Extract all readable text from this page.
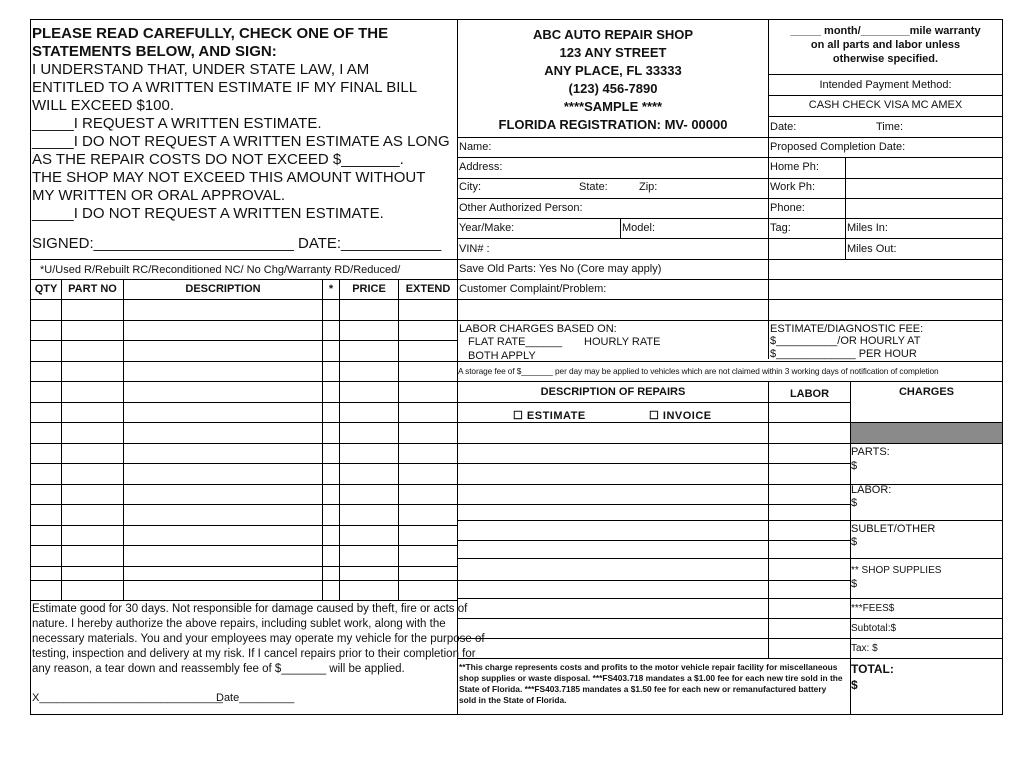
PLEASE READ CAREFULLY, CHECK ONE OF THE
STATEMENTS BELOW, AND SIGN:
I UNDERSTAND THAT, UNDER STATE LAW, I AM
ENTITLED TO A WRITTEN ESTIMATE IF MY FINAL BILL
WILL EXCEED $100.
_____I REQUEST A WRITTEN ESTIMATE.
_____I DO NOT REQUEST A WRITTEN ESTIMATE AS LONG
AS THE REPAIR COSTS DO NOT EXCEED $_______.
THE SHOP MAY NOT EXCEED THIS AMOUNT WITHOUT
MY WRITTEN OR ORAL APPROVAL.
_____I DO NOT REQUEST A WRITTEN ESTIMATE.
SIGNED:________________________ DATE:____________
*U/Used R/Rebuilt RC/Reconditioned NC/ No Chg/Warranty RD/Reduced/
QTY PART NO	DESCRIPTION	*	PRICE	EXTEND
Estimate good for 30 days. Not responsible for damage caused by theft, fire or acts of
nature. I hereby authorize the above repairs, including sublet work, along with the
necessary materials. You and your employees may operate my vehicle for the purpose of
testing, inspection and delivery at my risk. If I cancel repairs prior to their completion for
any reason, a tear down and reassembly fee of $_______ will be applied.
X______________________________
Date_________
ABC AUTO REPAIR SHOP
123 ANY STREET
ANY PLACE, FL 33333
(123) 456-7890
****SAMPLE ****
FLORIDA REGISTRATION: MV- 00000
_____ month/________mile warranty
on all parts and labor unless
otherwise specified.
Intended Payment Method:
CASH CHECK VISA MC AMEX
Date:	Time:
Proposed Completion Date:
Home Ph:
Work Ph:
Phone:
Tag:	Miles In:
Miles Out:
Name:
Address:
City:	State:	Zip:
Other Authorized Person:
Year/Make:	Model:
VIN# :
Save Old Parts: Yes No (Core may apply)
Customer Complaint/Problem:
LABOR CHARGES BASED ON:
FLAT RATE______ HOURLY RATE
BOTH APPLY
ESTIMATE/DIAGNOSTIC FEE:
$__________/OR HOURLY AT
$_____________ PER HOUR
A storage fee of $_______ per day may be applied to vehicles which are not claimed within 3 working days of notification of completion
DESCRIPTION OF REPAIRS	LABOR
☐ ESTIMATE	☐ INVOICE
CHARGES
PARTS:
$
LABOR:
$
SUBLET/OTHER
$
** SHOP SUPPLIES
$
***FEES$
Subtotal:$
Tax: $
TOTAL:
$
**This charge represents costs and profits to the motor vehicle repair facility for miscellaneous
shop supplies or waste disposal. ***FS403.718 mandates a $1.00 fee for each new tire sold in the
State of Florida. ***FS403.7185 mandates a $1.50 fee for each new or remanufactured battery
sold in the State of Florida.
